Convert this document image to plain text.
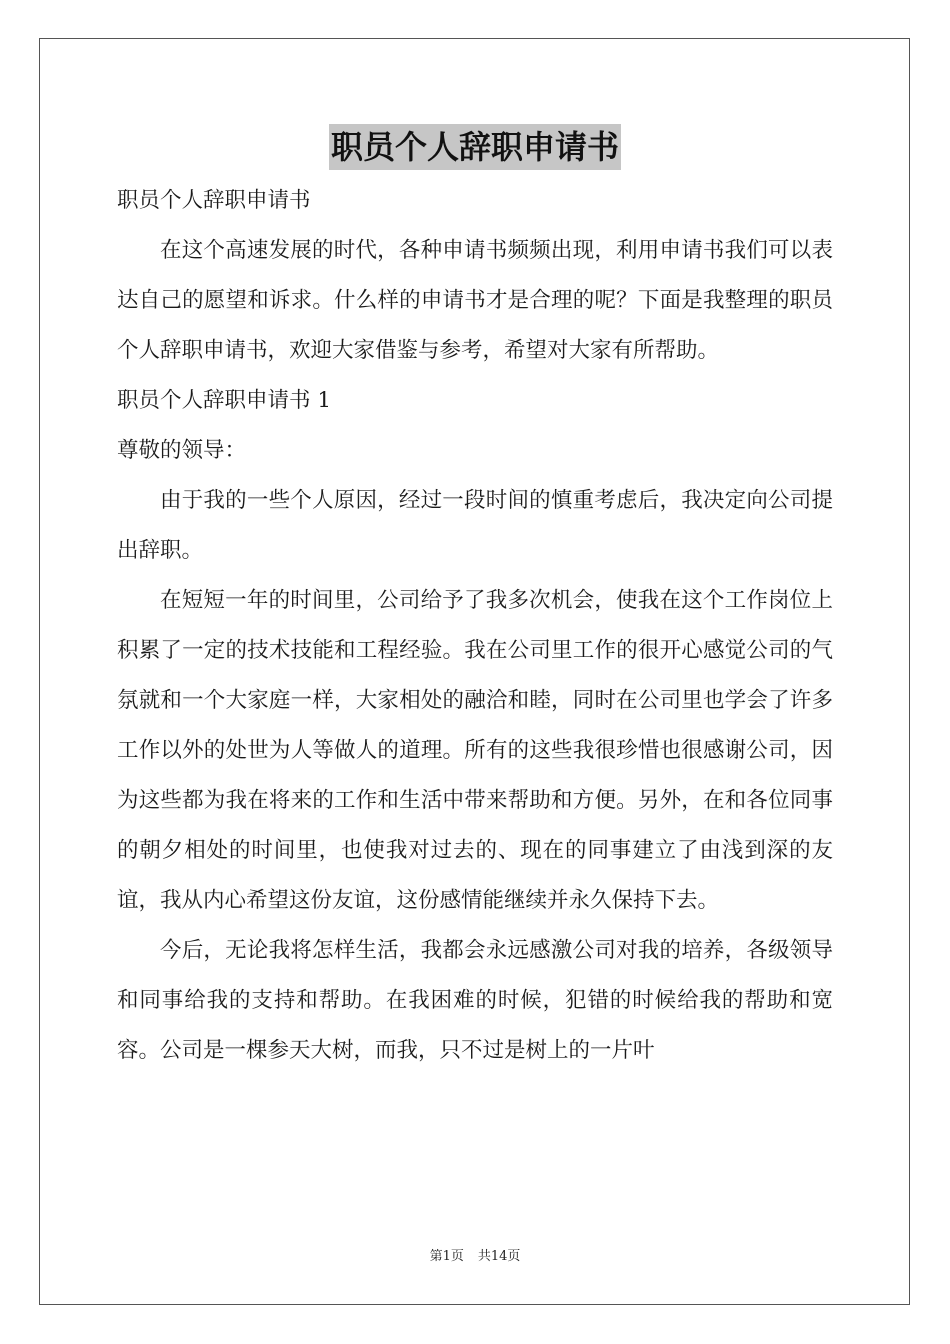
职员个人辞职申请书

职员个人辞职申请书

在这个高速发展的时代，各种申请书频频出现，利用申请书我们可以表达自己的愿望和诉求。什么样的申请书才是合理的呢？下面是我整理的职员个人辞职申请书，欢迎大家借鉴与参考，希望对大家有所帮助。

职员个人辞职申请书 1

尊敬的领导：

由于我的一些个人原因，经过一段时间的慎重考虑后，我决定向公司提出辞职。

在短短一年的时间里，公司给予了我多次机会，使我在这个工作岗位上积累了一定的技术技能和工程经验。我在公司里工作的很开心感觉公司的气氛就和一个大家庭一样，大家相处的融洽和睦，同时在公司里也学会了许多工作以外的处世为人等做人的道理。所有的这些我很珍惜也很感谢公司，因为这些都为我在将来的工作和生活中带来帮助和方便。另外，在和各位同事的朝夕相处的时间里，也使我对过去的、现在的同事建立了由浅到深的友谊，我从内心希望这份友谊，这份感情能继续并永久保持下去。

今后，无论我将怎样生活，我都会永远感激公司对我的培养，各级领导和同事给我的支持和帮助。在我困难的时候，犯错的时候给我的帮助和宽容。公司是一棵参天大树，而我，只不过是树上的一片叶

第1页 共14页
